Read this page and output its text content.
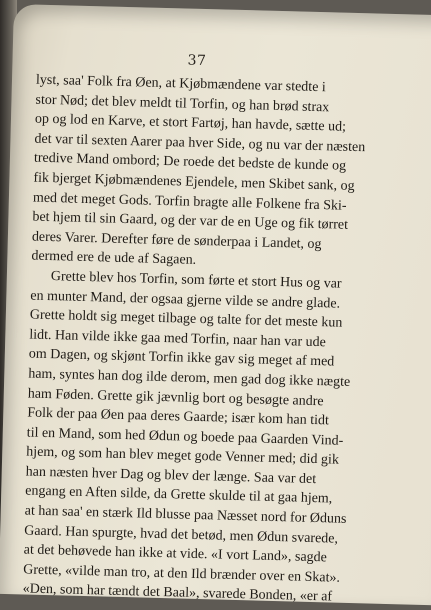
37
lyst, saa' Folk fra Øen, at Kjøbmændene var stedte i
stor Nød; det blev meldt til Torfin, og han brød strax
op og lod en Karve, et stort Fartøj, han havde, sætte ud;
det var til sexten Aarer paa hver Side, og nu var der næsten
tredive Mand ombord; De roede det bedste de kunde og
fik bjerget Kjøbmændenes Ejendele, men Skibet sank, og
med det meget Gods. Torfin bragte alle Folkene fra Ski-
bet hjem til sin Gaard, og der var de en Uge og fik tørret
deres Varer. Derefter føre de sønderpaa i Landet, og
dermed ere de ude af Sagaen.
Grette blev hos Torfin, som førte et stort Hus og var
en munter Mand, der ogsaa gjerne vilde se andre glade.
Grette holdt sig meget tilbage og talte for det meste kun
lidt. Han vilde ikke gaa med Torfin, naar han var ude
om Dagen, og skjønt Torfin ikke gav sig meget af med
ham, syntes han dog ilde derom, men gad dog ikke nægte
ham Føden. Grette gik jævnlig bort og besøgte andre
Folk der paa Øen paa deres Gaarde; især kom han tidt
til en Mand, som hed Ødun og boede paa Gaarden Vind-
hjem, og som han blev meget gode Venner med; did gik
han næsten hver Dag og blev der længe. Saa var det
engang en Aften silde, da Grette skulde til at gaa hjem,
at han saa' en stærk Ild blusse paa Næsset nord for Øduns
Gaard. Han spurgte, hvad det betød, men Ødun svarede,
at det behøvede han ikke at vide. «I vort Land», sagde
Grette, «vilde man tro, at den Ild brænder over en Skat».
«Den, som har tændt det Baal», svarede Bonden, «er af
